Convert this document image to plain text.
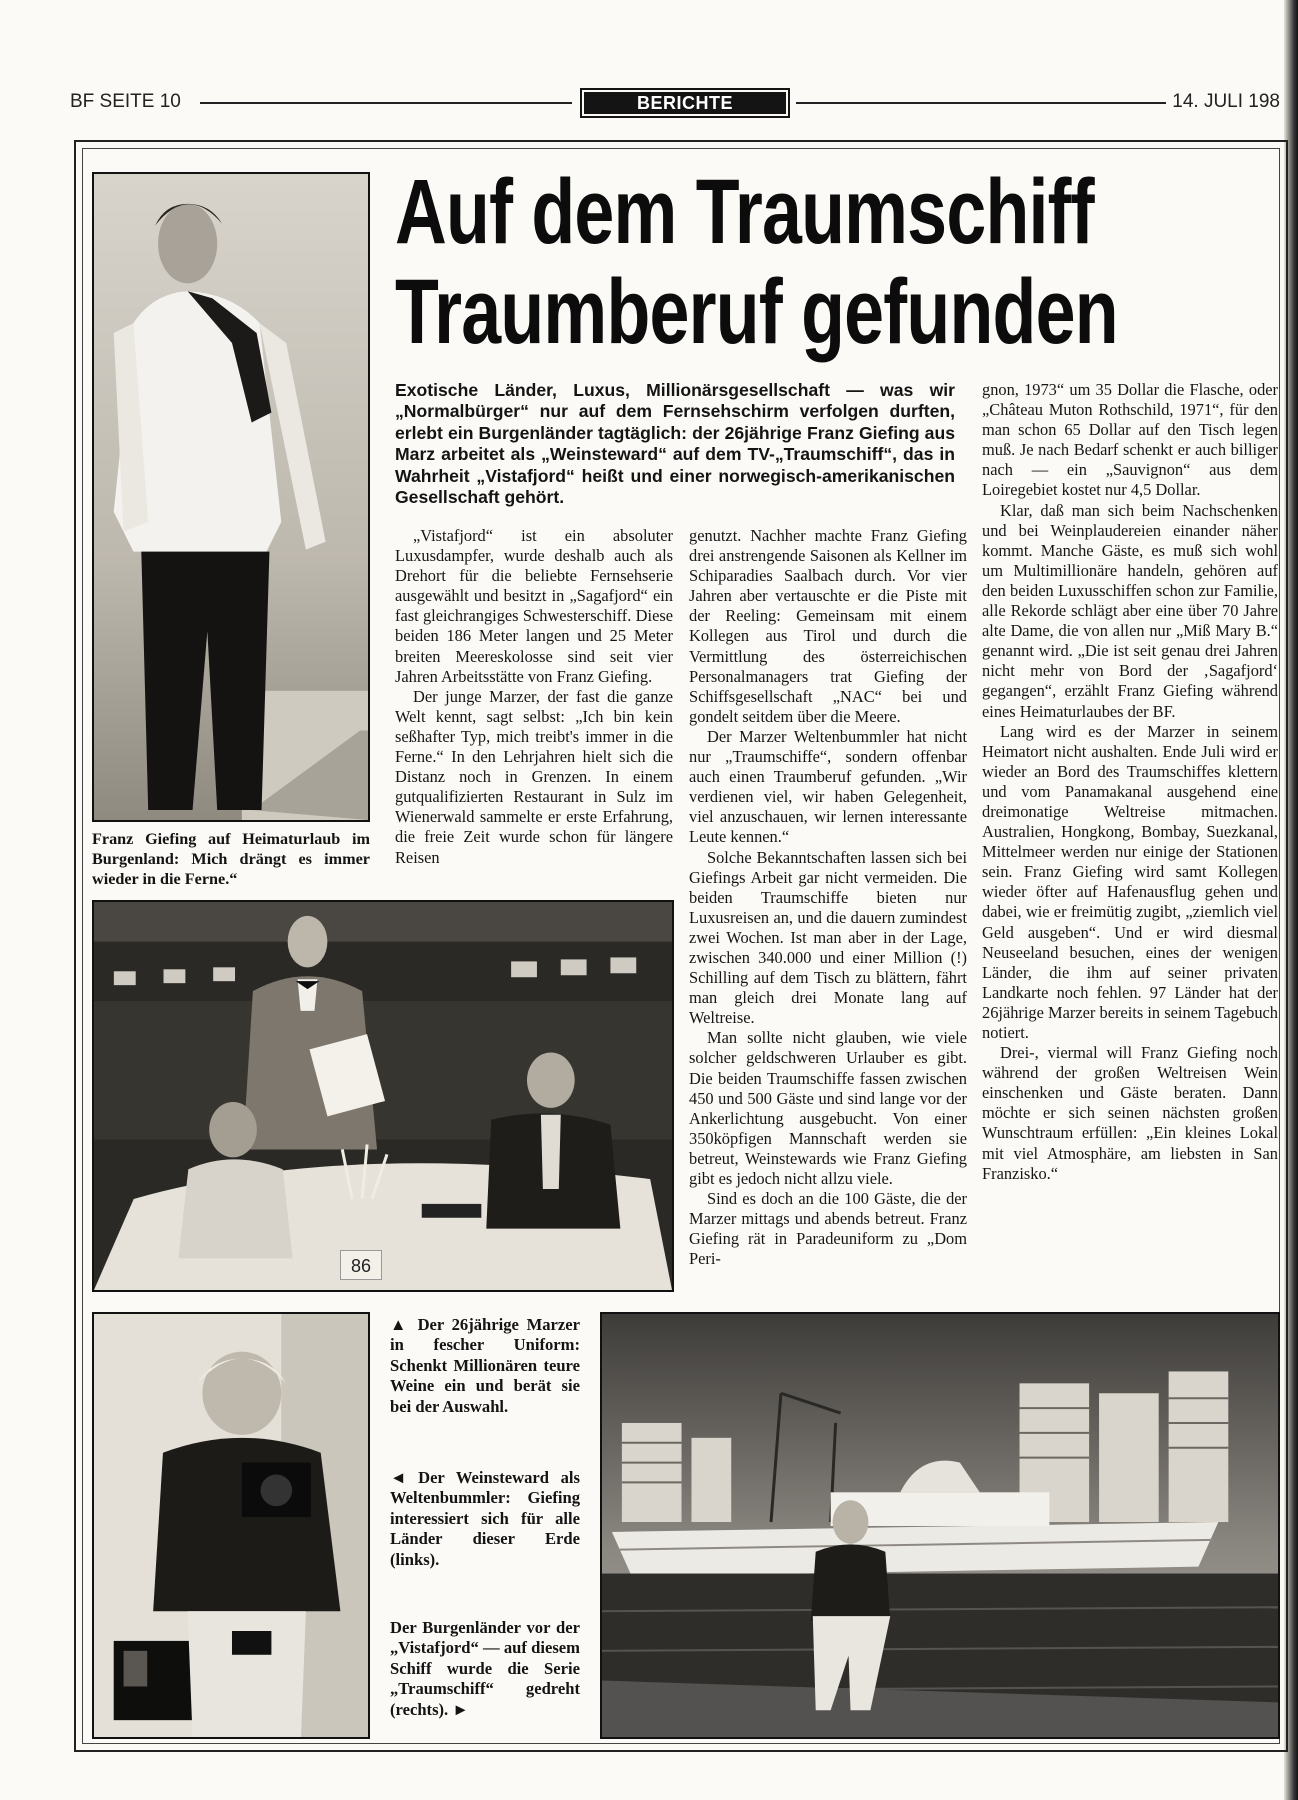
BF SEITE 10	BERICHTE	14. JULI 198
Franz Giefing auf Heimaturlaub im Burgenland: Mich drängt es immer wieder in die Ferne.“
Auf dem Traumschiff
Traumberuf gefunden
Exotische Länder, Luxus, Millionärsgesellschaft — was wir „Normalbürger“ nur auf dem Fernsehschirm verfolgen durften, erlebt ein Burgenländer tagtäglich: der 26jährige Franz Giefing aus Marz arbeitet als „Weinsteward“ auf dem TV-„Traumschiff“, das in Wahrheit „Vistafjord“ heißt und einer norwegisch-amerikanischen Gesellschaft gehört.

„Vistafjord“ ist ein absoluter Luxusdampfer, wurde deshalb auch als Drehort für die beliebte Fernsehserie ausgewählt und besitzt in „Sagafjord“ ein fast gleichrangiges Schwesterschiff. Diese beiden 186 Meter langen und 25 Meter breiten Meereskolosse sind seit vier Jahren Arbeitsstätte von Franz Giefing.

Der junge Marzer, der fast die ganze Welt kennt, sagt selbst: „Ich bin kein seßhafter Typ, mich treibt's immer in die Ferne.“ In den Lehrjahren hielt sich die Distanz noch in Grenzen. In einem gutqualifizierten Restaurant in Sulz im Wienerwald sammelte er erste Erfahrung, die freie Zeit wurde schon für längere Reisen

genutzt. Nachher machte Franz Giefing drei anstrengende Saisonen als Kellner im Schiparadies Saalbach durch. Vor vier Jahren aber vertauschte er die Piste mit der Reeling: Gemeinsam mit einem Kollegen aus Tirol und durch die Vermittlung des österreichischen Personalmanagers trat Giefing der Schiffsgesellschaft „NAC“ bei und gondelt seitdem über die Meere.

Der Marzer Weltenbummler hat nicht nur „Traumschiffe“, sondern offenbar auch einen Traumberuf gefunden. „Wir verdienen viel, wir haben Gelegenheit, viel anzuschauen, wir lernen interessante Leute kennen.“

Solche Bekanntschaften lassen sich bei Giefings Arbeit gar nicht vermeiden. Die beiden Traumschiffe bieten nur Luxusreisen an, und die dauern zumindest zwei Wochen. Ist man aber in der Lage, zwischen 340.000 und einer Million (!) Schilling auf dem Tisch zu blättern, fährt man gleich drei Monate lang auf Weltreise.

Man sollte nicht glauben, wie viele solcher geldschweren Urlauber es gibt. Die beiden Traumschiffe fassen zwischen 450 und 500 Gäste und sind lange vor der Ankerlichtung ausgebucht. Von einer 350köpfigen Mannschaft werden sie betreut, Weinstewards wie Franz Giefing gibt es jedoch nicht allzu viele.

Sind es doch an die 100 Gäste, die der Marzer mittags und abends betreut. Franz Giefing rät in Paradeuniform zu „Dom Peri-

gnon, 1973“ um 35 Dollar die Flasche, oder „Château Muton Rothschild, 1971“, für den man schon 65 Dollar auf den Tisch legen muß. Je nach Bedarf schenkt er auch billiger nach — ein „Sauvignon“ aus dem Loiregebiet kostet nur 4,5 Dollar.

Klar, daß man sich beim Nachschenken und bei Weinplaudereien einander näher kommt. Manche Gäste, es muß sich wohl um Multimillionäre handeln, gehören auf den beiden Luxusschiffen schon zur Familie, alle Rekorde schlägt aber eine über 70 Jahre alte Dame, die von allen nur „Miß Mary B.“ genannt wird. „Die ist seit genau drei Jahren nicht mehr von Bord der ‚Sagafjord‘ gegangen“, erzählt Franz Giefing während eines Heimaturlaubes der BF.

Lang wird es der Marzer in seinem Heimatort nicht aushalten. Ende Juli wird er wieder an Bord des Traumschiffes klettern und vom Panamakanal ausgehend eine dreimonatige Weltreise mitmachen. Australien, Hongkong, Bombay, Suezkanal, Mittelmeer werden nur einige der Stationen sein. Franz Giefing wird samt Kollegen wieder öfter auf Hafenausflug gehen und dabei, wie er freimütig zugibt, „ziemlich viel Geld ausgeben“. Und er wird diesmal Neuseeland besuchen, eines der wenigen Länder, die ihm auf seiner privaten Landkarte noch fehlen. 97 Länder hat der 26jährige Marzer bereits in seinem Tagebuch notiert.

Drei-, viermal will Franz Giefing noch während der großen Weltreisen Wein einschenken und Gäste beraten. Dann möchte er sich seinen nächsten großen Wunschtraum erfüllen: „Ein kleines Lokal mit viel Atmosphäre, am liebsten in San Franzisko.“

86
▲ Der 26jährige Marzer in fescher Uniform: Schenkt Millionären teure Weine ein und berät sie bei der Auswahl.
◄ Der Weinsteward als Weltenbummler: Giefing interessiert sich für alle Länder dieser Erde (links).
Der Burgenländer vor der „Vistafjord“ — auf diesem Schiff wurde die Serie „Traumschiff“ gedreht (rechts). ►
